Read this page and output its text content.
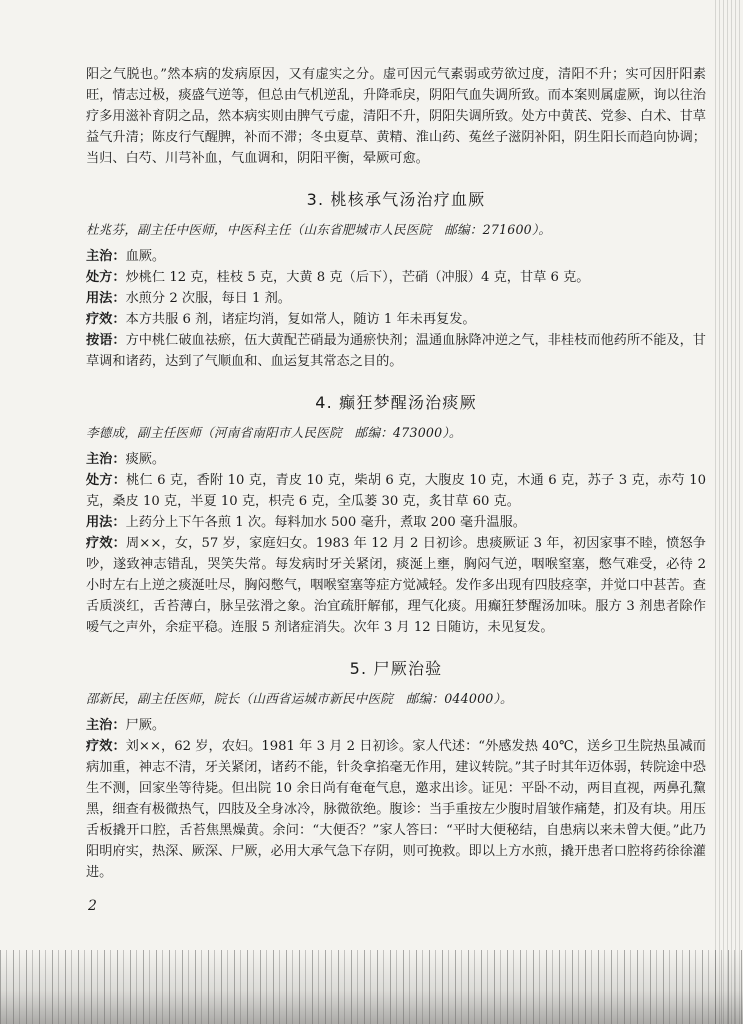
阳之气脱也。”然本病的发病原因，又有虚实之分。虚可因元气素弱或劳欲过度，清阳不升；实可因肝阳素旺，情志过极，痰盛气逆等，但总由气机逆乱，升降乖戾，阴阳气血失调所致。而本案则属虚厥，询以往治疗多用滋补育阴之品，然本病实则由脾气亏虚，清阳不升，阴阳失调所致。处方中黄芪、党参、白术、甘草益气升清；陈皮行气醒脾，补而不滞；冬虫夏草、黄精、淮山药、菟丝子滋阴补阳，阴生阳长而趋向协调；当归、白芍、川芎补血，气血调和，阴阳平衡，晕厥可愈。

3. 桃核承气汤治疗血厥
杜兆芬，副主任中医师，中医科主任（山东省肥城市人民医院　邮编：271600）。

主治：血厥。

处方：炒桃仁 12 克，桂枝 5 克，大黄 8 克（后下），芒硝（冲服）4 克，甘草 6 克。

用法：水煎分 2 次服，每日 1 剂。

疗效：本方共服 6 剂，诸症均消，复如常人，随访 1 年未再复发。

按语：方中桃仁破血祛瘀，伍大黄配芒硝最为通瘀快剂；温通血脉降冲逆之气，非桂枝而他药所不能及，甘草调和诸药，达到了气顺血和、血运复其常态之目的。

4. 癫狂梦醒汤治痰厥
李德成，副主任医师（河南省南阳市人民医院　邮编：473000）。

主治：痰厥。

处方：桃仁 6 克，香附 10 克，青皮 10 克，柴胡 6 克，大腹皮 10 克，木通 6 克，苏子 3 克，赤芍 10 克，桑皮 10 克，半夏 10 克，枳壳 6 克，全瓜蒌 30 克，炙甘草 60 克。

用法：上药分上下午各煎 1 次。每料加水 500 毫升，煮取 200 毫升温服。

疗效：周××，女，57 岁，家庭妇女。1983 年 12 月 2 日初诊。患痰厥证 3 年，初因家事不睦，愤怒争吵，遂致神志错乱，哭笑失常。每发病时牙关紧闭，痰涎上壅，胸闷气逆，咽喉窒塞，憋气难受，必待 2 小时左右上逆之痰涎吐尽，胸闷憋气，咽喉窒塞等症方觉减轻。发作多出现有四肢痉挛，并觉口中甚苦。查舌质淡红，舌苔薄白，脉呈弦滑之象。治宜疏肝解郁，理气化痰。用癫狂梦醒汤加味。服方 3 剂患者除作嗳气之声外，余症平稳。连服 5 剂诸症消失。次年 3 月 12 日随访，未见复发。

5. 尸厥治验
邵新民，副主任医师，院长（山西省运城市新民中医院　邮编：044000）。

主治：尸厥。

疗效：刘××，62 岁，农妇。1981 年 3 月 2 日初诊。家人代述：“外感发热 40℃，送乡卫生院热虽减而病加重，神志不清，牙关紧闭，诸药不能，针灸拿掐毫无作用，建议转院。”其子时其年迈体弱，转院途中恐生不测，回家坐等待毙。但出院 10 余日尚有奄奄气息，邀求出诊。证见：平卧不动，两目直视，两鼻孔黧黑，细查有极微热气，四肢及全身冰冷，脉微欲绝。腹诊：当手重按左少腹时眉皱作痛楚，扪及有块。用压舌板撬开口腔，舌苔焦黑燥黄。余问：“大便否？”家人答曰：“平时大便秘结，自患病以来未曾大便。”此乃阳明府实，热深、厥深、尸厥，必用大承气急下存阴，则可挽救。即以上方水煎，撬开患者口腔将药徐徐灌进。

2
